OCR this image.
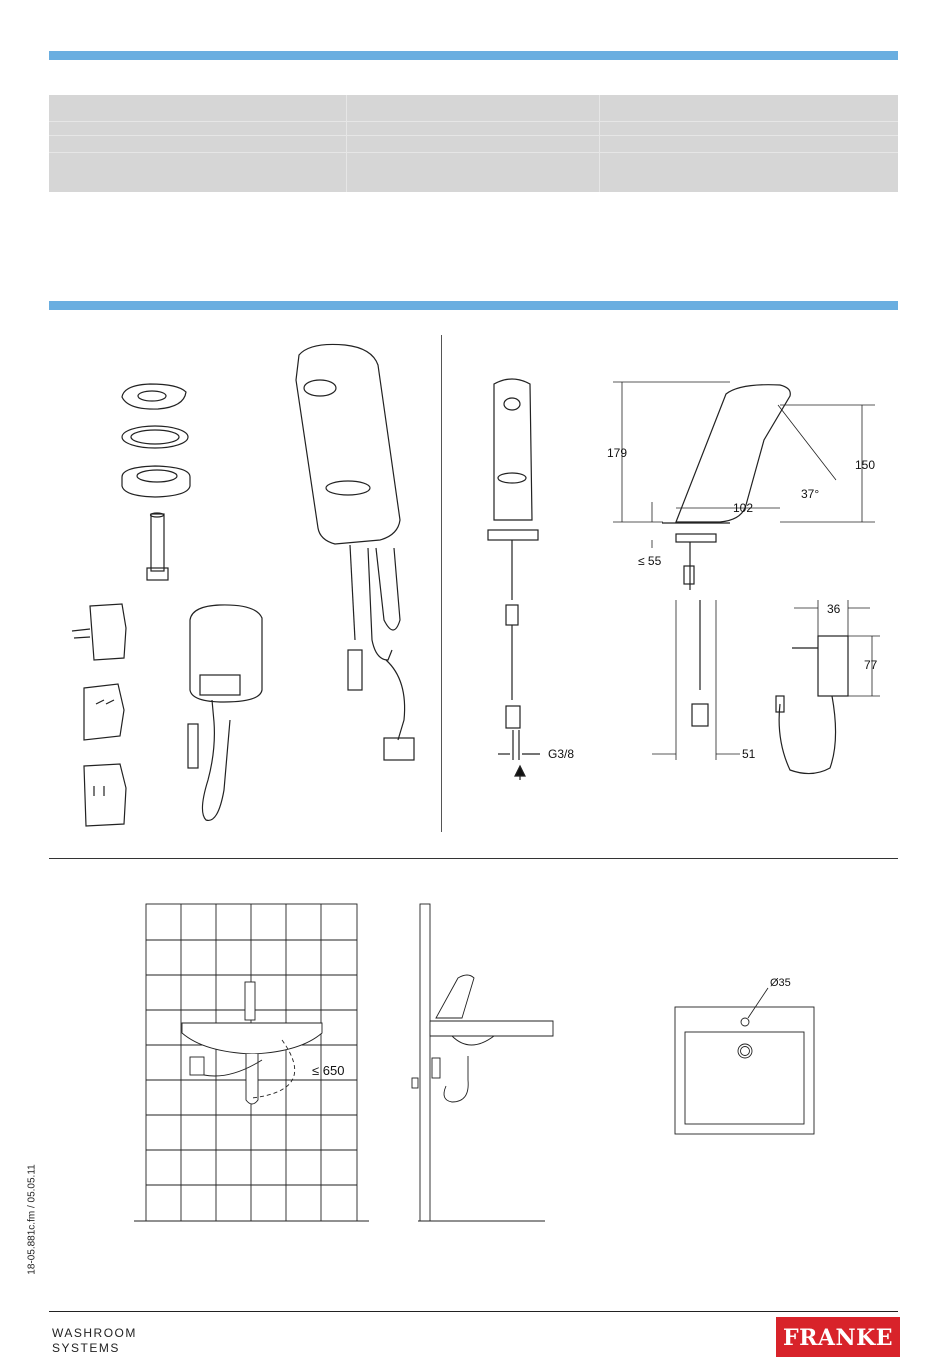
179
150
102
37°
≤ 55
G3/8	51
36
77
≤ 650
Ø35
18-05.881c.fm / 05.05.11
WASHROOM
SYSTEMS	FRANKE
